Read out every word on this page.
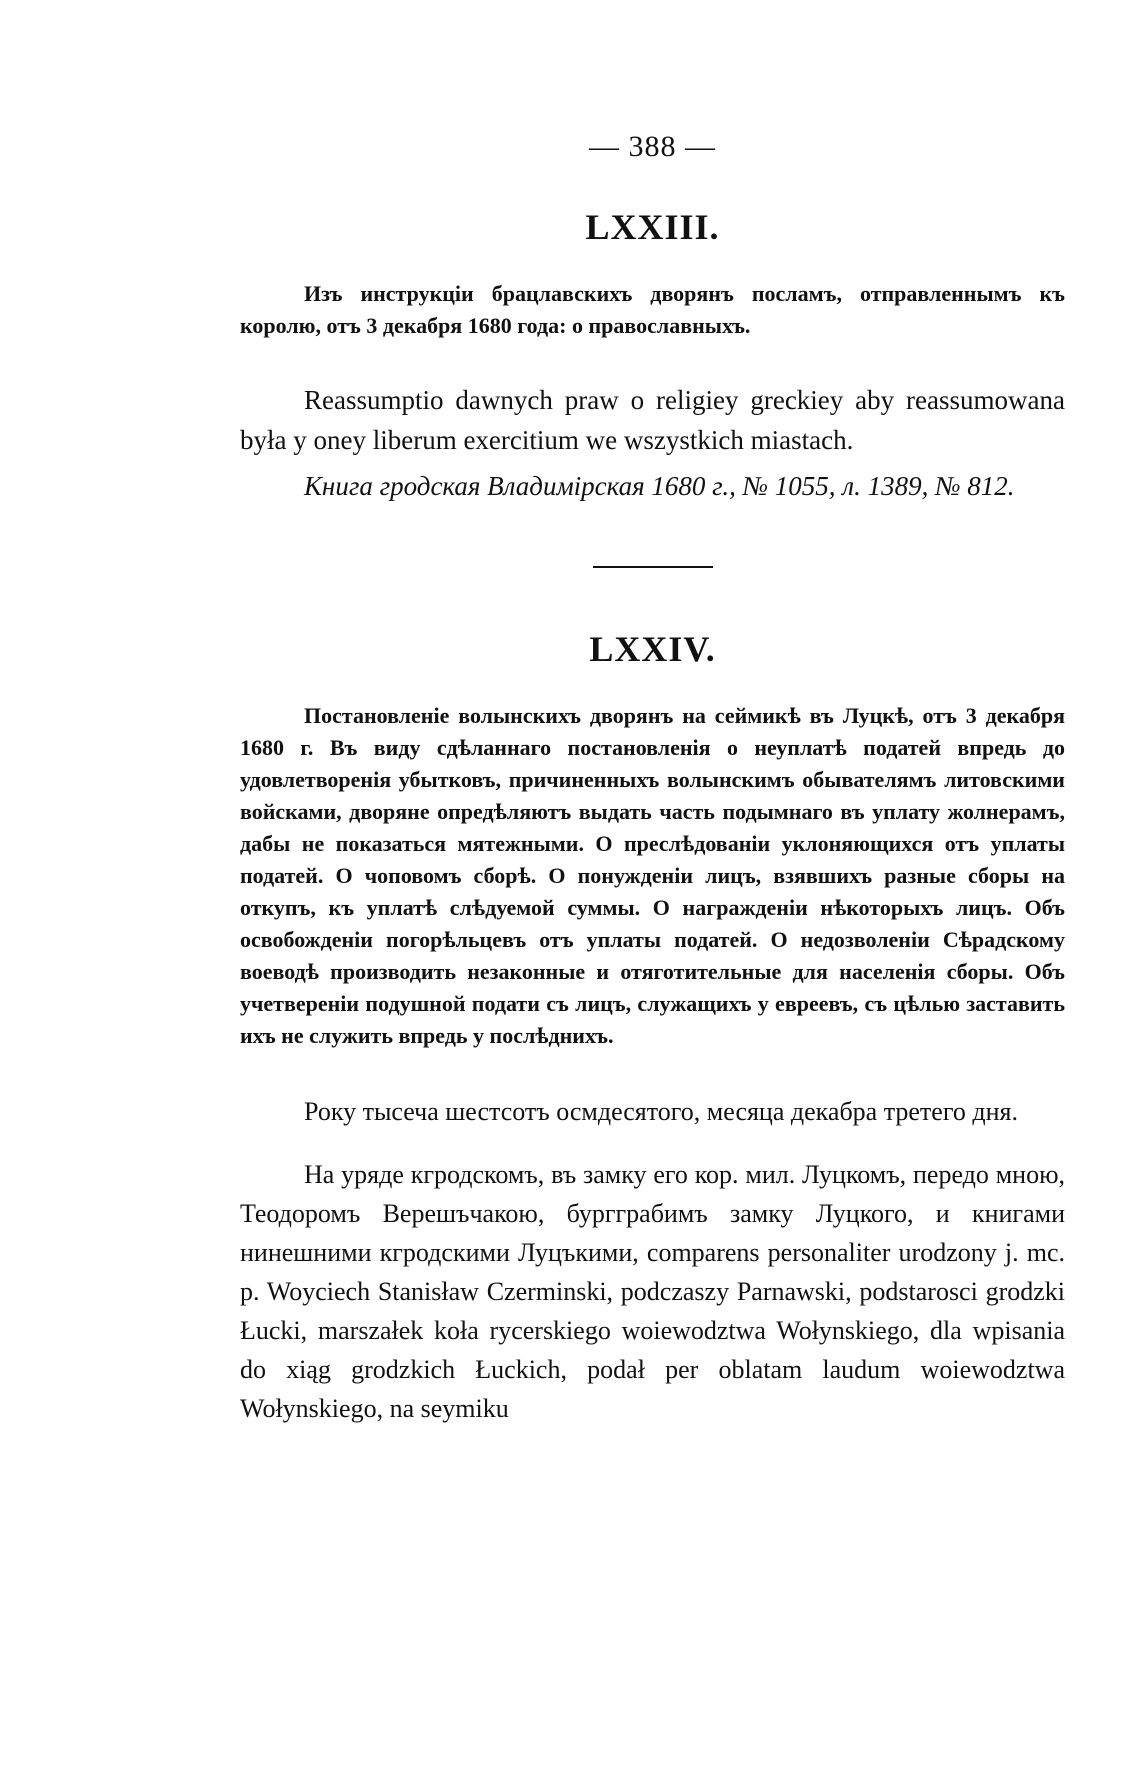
— 388 —
LXXIII.

Изъ инструкціи брацлавскихъ дворянъ посламъ, отправленнымъ къ королю, отъ 3 декабря 1680 года: о православныхъ.

Reassumptio dawnych praw o religiey greckiey aby reassumowana była y oney liberum exercitium we wszystkich miastach.

Книга гродская Владимірская 1680 г., № 1055, л. 1389, № 812.

LXXIV.

Постановленіе волынскихъ дворянъ на сеймикѣ въ Луцкѣ, отъ 3 декабря 1680 г. Въ виду сдѣланнаго постановленія о неуплатѣ податей впредь до удовлетворенія убытковъ, причиненныхъ волынскимъ обывателямъ литовскими войсками, дворяне опредѣляютъ выдать часть подымнаго въ уплату жолнерамъ, дабы не показаться мятежными. О преслѣдованіи уклоняющихся отъ уплаты податей. О чоповомъ сборѣ. О понужденіи лицъ, взявшихъ разные сборы на откупъ, къ уплатѣ слѣдуемой суммы. О награжденіи нѣкоторыхъ лицъ. Объ освобожденіи погорѣльцевъ отъ уплаты податей. О недозволеніи Сѣрадскому воеводѣ производить незаконные и отяготительные для населенія сборы. Объ учетвереніи подушной подати съ лицъ, служащихъ у евреевъ, съ цѣлью заставить ихъ не служить впредь у послѣднихъ.

Року тысеча шестсотъ осмдесятого, месяца декабра третего дня.

На уряде кгродскомъ, въ замку его кор. мил. Луцкомъ, передо мною, Теодоромъ Верешъчакою, бургграбимъ замку Луцкого, и книгами нинешними кгродскими Луцъкими, comparens personaliter urodzony j. mc. p. Woyciech Stanisław Czerminski, podczaszy Parnawski, podstarosci grodzki Łucki, marszałek koła rycerskiego woiewodztwa Wołynskiego, dla wpisania do xiąg grodzkich Łuckich, podał per oblatam laudum woiewodztwa Wołynskiego, na seymiku
